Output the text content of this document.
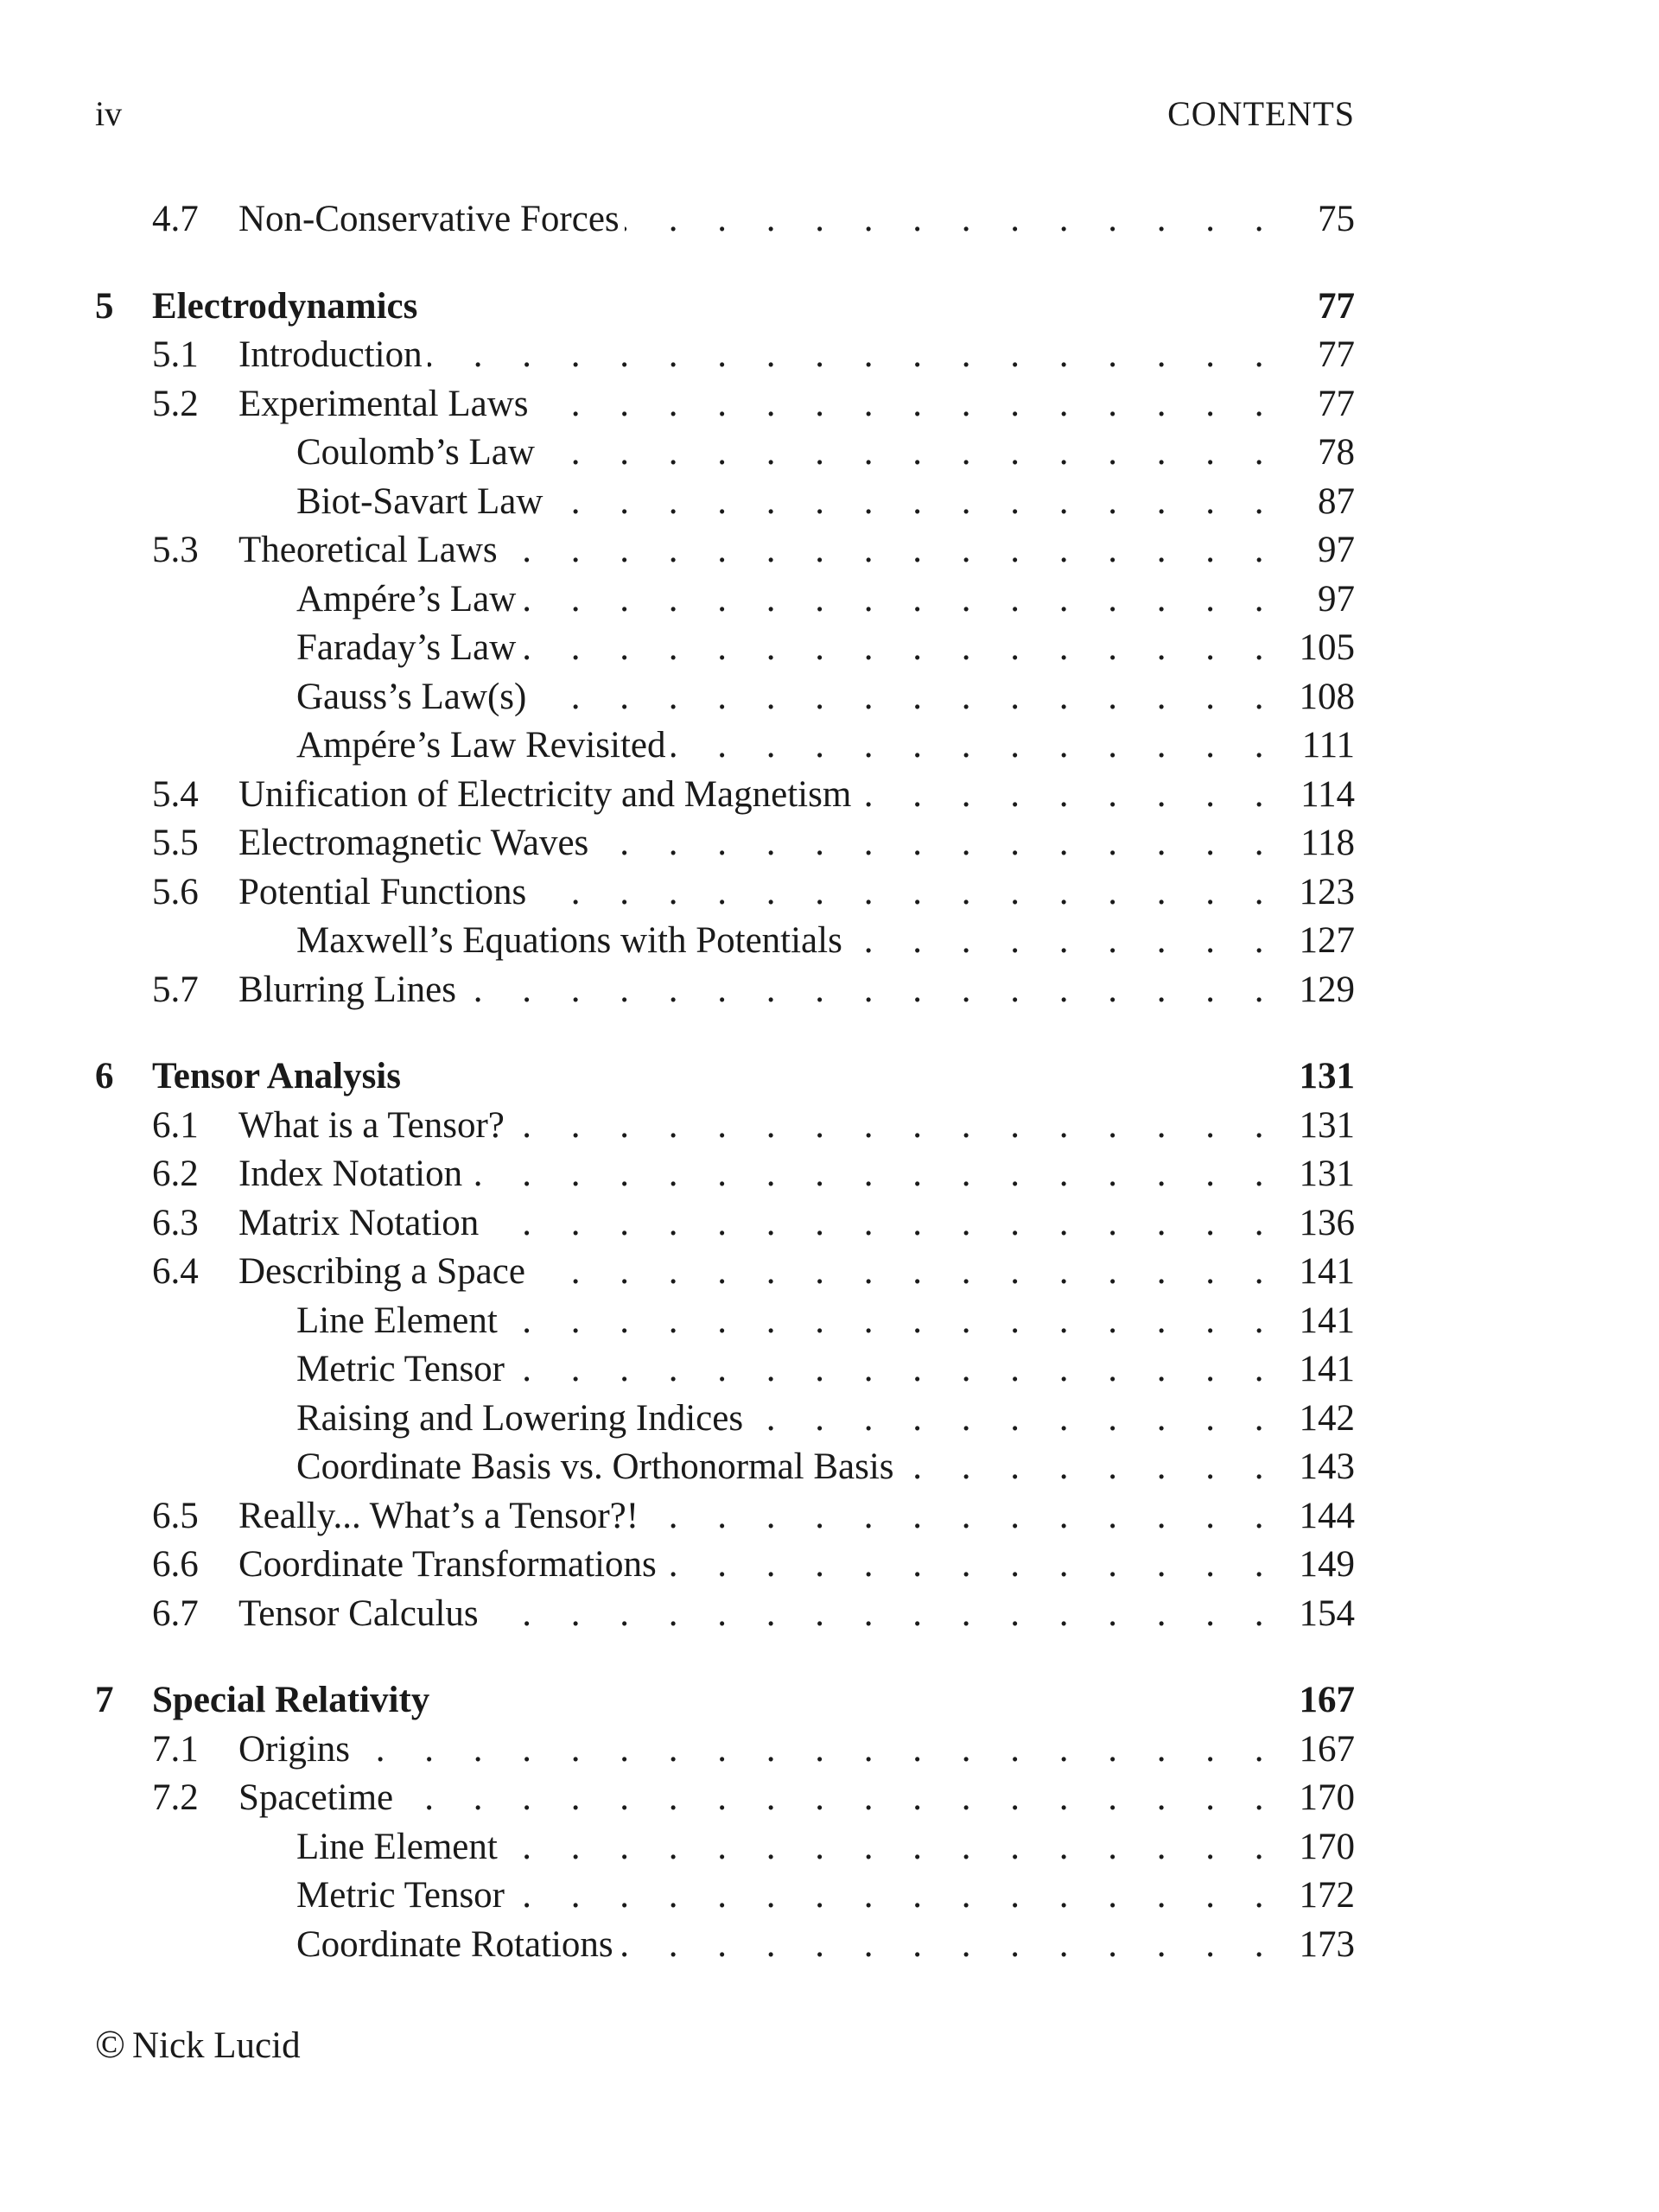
iv	CONTENTS
4.7 Non-Conservative Forces . . .	75
5 Electrodynamics	77
5.1 Introduction . . .	77
5.2 Experimental Laws . . .	77
Coulomb’s Law . . .	78
Biot-Savart Law . . .	87
5.3 Theoretical Laws . . .	97
Ampére’s Law . . .	97
Faraday’s Law . . .	105
Gauss’s Law(s) . . .	108
Ampére’s Law Revisited . . .	111
5.4 Unification of Electricity and Magnetism . . .	114
5.5 Electromagnetic Waves . . .	118
5.6 Potential Functions . . .	123
Maxwell’s Equations with Potentials . . .	127
5.7 Blurring Lines . . .	129
6 Tensor Analysis	131
6.1 What is a Tensor? . . .	131
6.2 Index Notation . . .	131
6.3 Matrix Notation . . .	136
6.4 Describing a Space . . .	141
Line Element . . .	141
Metric Tensor . . .	141
Raising and Lowering Indices . . .	142
Coordinate Basis vs. Orthonormal Basis . . .	143
6.5 Really... What’s a Tensor?! . . .	144
6.6 Coordinate Transformations . . .	149
6.7 Tensor Calculus . . .	154
7 Special Relativity	167
7.1 Origins . . .	167
7.2 Spacetime . . .	170
Line Element . . .	170
Metric Tensor . . .	172
Coordinate Rotations . . .	173
© Nick Lucid
